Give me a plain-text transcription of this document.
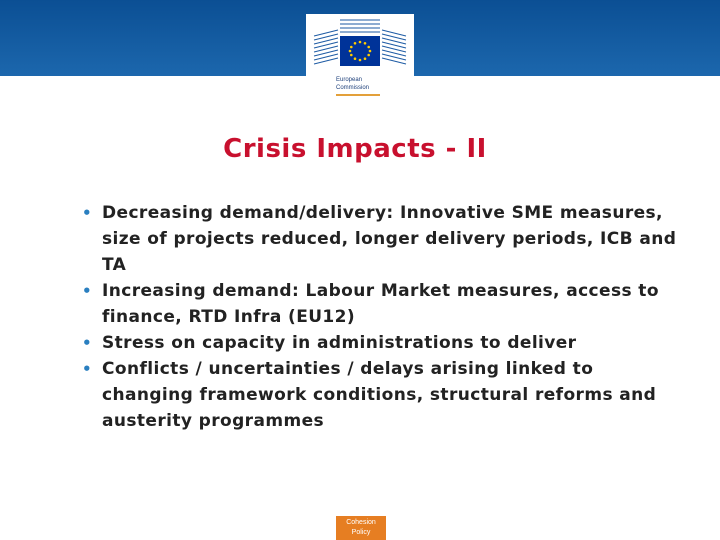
European
Commission
Crisis Impacts - II
• Decreasing demand/delivery: Innovative SME measures, size of projects reduced, longer delivery periods, ICB and TA
• Increasing demand: Labour Market measures, access to finance, RTD Infra (EU12)
• Stress on capacity in administrations to deliver
• Conflicts / uncertainties / delays arising linked to changing framework conditions, structural reforms and austerity programmes
Cohesion
Policy
